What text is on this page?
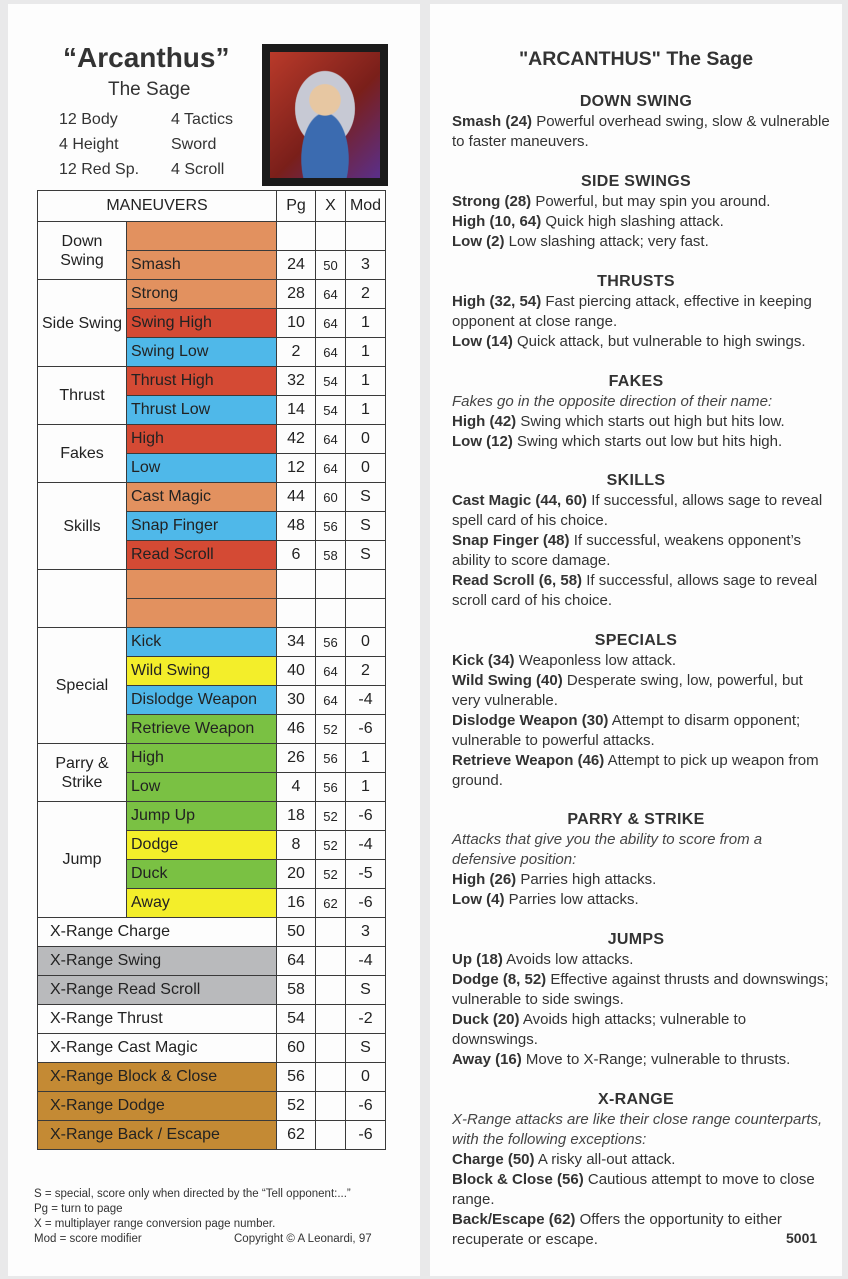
“Arcanthus”
The Sage
12 Body	4 Tactics
4 Height	Sword
12 Red Sp. 4 Scroll
MANEUVERS		Pg	X	Mod
Down Swing				
	Smash	24	50	3
Side Swing	Strong	28	64	2
	Swing High	10	64	1
	Swing Low	2	64	1
Thrust	Thrust High	32	54	1
	Thrust Low	14	54	1
Fakes	High	42	64	0
	Low	12	64	0
Skills	Cast Magic	44	60	S
	Snap Finger	48	56	S
	Read Scroll	6	58	S

Special	Kick	34	56	0
	Wild Swing	40	64	2
	Dislodge Weapon	30	64	-4
	Retrieve Weapon	46	52	-6
Parry & Strike	High	26	56	1
	Low	4	56	1
Jump	Jump Up	18	52	-6
	Dodge	8	52	-4
	Duck	20	52	-5
	Away	16	62	-6
X-Range Charge		50		3
X-Range Swing		64		-4
X-Range Read Scroll		58		S
X-Range Thrust		54		-2
X-Range Cast Magic		60		S
X-Range Block & Close		56		0
X-Range Dodge		52		-6
X-Range Back / Escape		62		-6
S = special, score only when directed by the “Tell opponent:...”
Pg = turn to page
X = multiplayer range conversion page number.
Mod = score modifier	Copyright © A Leonardi, 97
"ARCANTHUS" The Sage
DOWN SWING

Smash (24) Powerful overhead swing, slow & vulnerable to faster maneuvers.

SIDE SWINGS

Strong (28) Powerful, but may spin you around.

High (10, 64) Quick high slashing attack.

Low (2) Low slashing attack; very fast.

THRUSTS

High (32, 54) Fast piercing attack, effective in keeping opponent at close range.

Low (14) Quick attack, but vulnerable to high swings.

FAKES

Fakes go in the opposite direction of their name:

High (42) Swing which starts out high but hits low.

Low (12) Swing which starts out low but hits high.

SKILLS

Cast Magic (44, 60) If successful, allows sage to reveal spell card of his choice.

Snap Finger (48) If successful, weakens opponent’s ability to score damage.

Read Scroll (6, 58) If successful, allows sage to reveal scroll card of his choice.

SPECIALS

Kick (34) Weaponless low attack.

Wild Swing (40) Desperate swing, low, powerful, but very vulnerable.

Dislodge Weapon (30) Attempt to disarm opponent; vulnerable to powerful attacks.

Retrieve Weapon (46) Attempt to pick up weapon from ground.

PARRY & STRIKE

Attacks that give you the ability to score from a defensive position:

High (26) Parries high attacks.

Low (4) Parries low attacks.

JUMPS

Up (18) Avoids low attacks.

Dodge (8, 52) Effective against thrusts and downswings; vulnerable to side swings.

Duck (20) Avoids high attacks; vulnerable to downswings.

Away (16) Move to X-Range; vulnerable to thrusts.

X-RANGE

X-Range attacks are like their close range counterparts, with the following exceptions:

Charge (50) A risky all-out attack.

Block & Close (56) Cautious attempt to move to close range.

Back/Escape (62) Offers the opportunity to either recuperate or escape.	5001
